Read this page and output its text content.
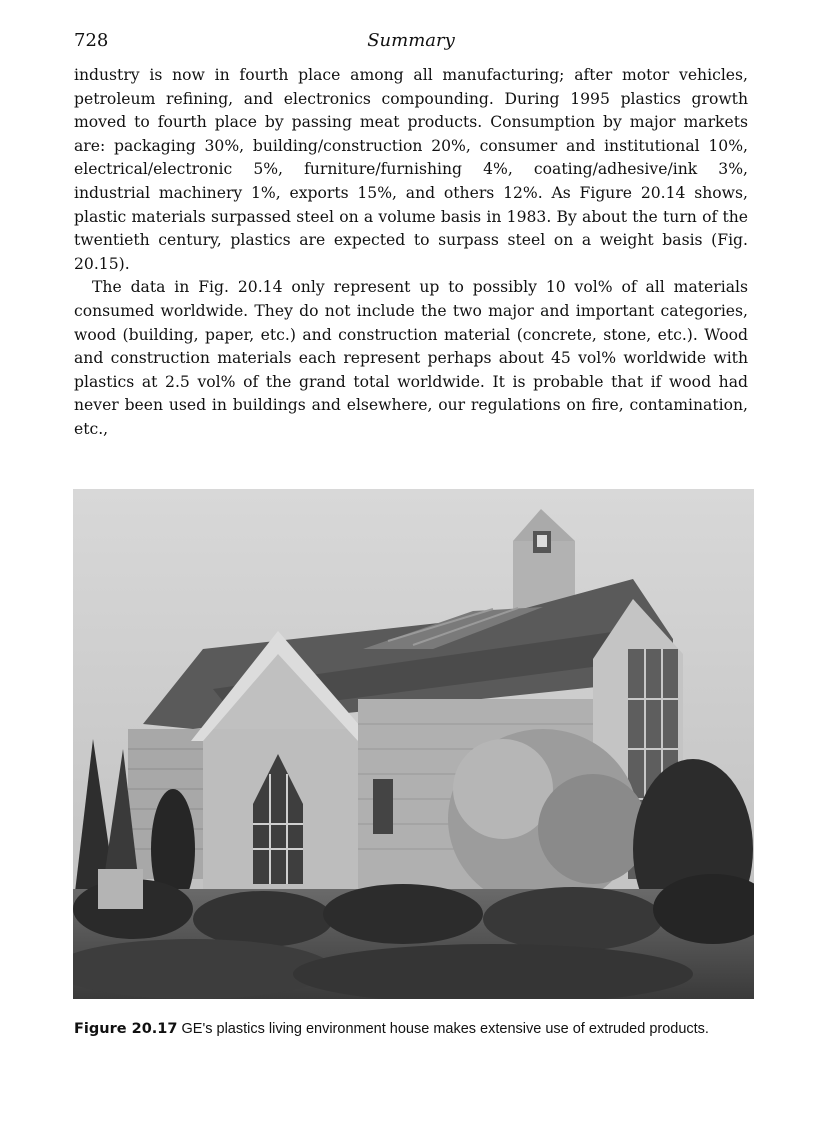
728	Summary

industry is now in fourth place among all manufacturing; after motor vehicles, petroleum refining, and electronics compounding. During 1995 plastics growth moved to fourth place by passing meat products. Consumption by major markets are: packaging 30%, building/construction 20%, consumer and institutional 10%, electrical/electronic 5%, furniture/furnishing 4%, coating/adhesive/ink 3%, industrial machinery 1%, exports 15%, and others 12%. As Figure 20.14 shows, plastic materials surpassed steel on a volume basis in 1983. By about the turn of the twentieth century, plastics are expected to surpass steel on a weight basis (Fig. 20.15).

The data in Fig. 20.14 only represent up to possibly 10 vol% of all materials consumed worldwide. They do not include the two major and important categories, wood (building, paper, etc.) and construction material (concrete, stone, etc.). Wood and construction materials each represent perhaps about 45 vol% worldwide with plastics at 2.5 vol% of the grand total worldwide. It is probable that if wood had never been used in buildings and elsewhere, our regulations on fire, contamination, etc.,

Figure 20.17 GE's plastics living environment house makes extensive use of extruded products.
